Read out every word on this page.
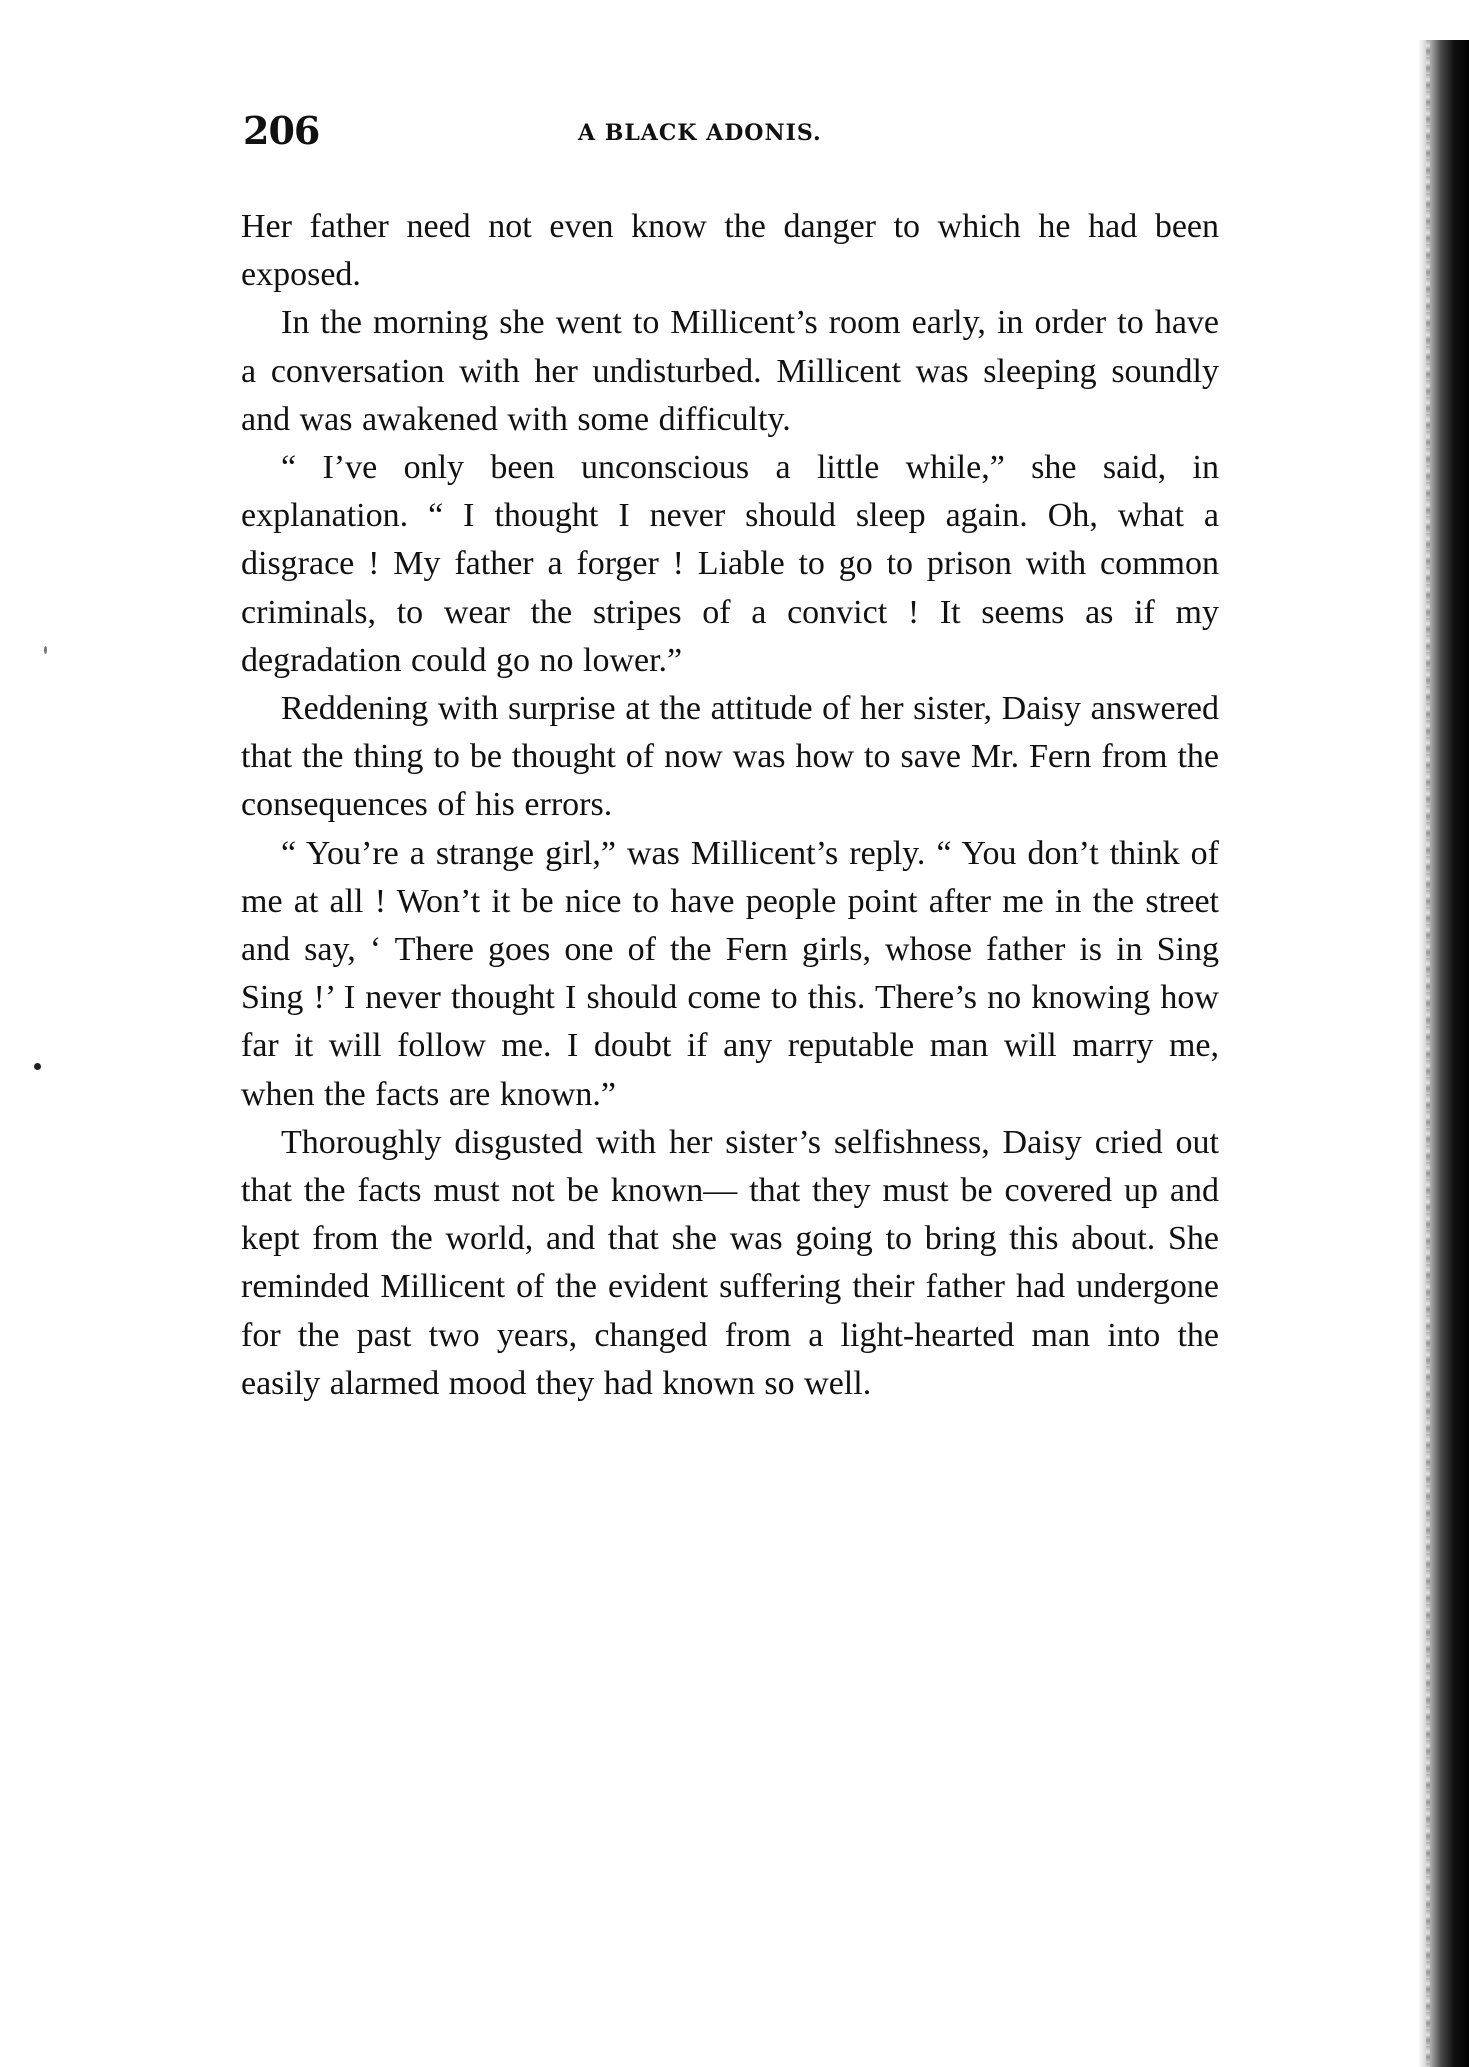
206	A BLACK ADONIS.

Her father need not even know the danger to which he had been exposed.

In the morning she went to Millicent’s room early, in order to have a conversation with her undisturbed. Millicent was sleeping soundly and was awakened with some difficulty.

“ I’ve only been unconscious a little while,” she said, in explanation. “ I thought I never should sleep again. Oh, what a disgrace ! My father a forger ! Liable to go to prison with common criminals, to wear the stripes of a convict ! It seems as if my degradation could go no lower.”

Reddening with surprise at the attitude of her sister, Daisy answered that the thing to be thought of now was how to save Mr. Fern from the consequences of his errors.

“ You’re a strange girl,” was Millicent’s reply. “ You don’t think of me at all ! Won’t it be nice to have people point after me in the street and say, ‘ There goes one of the Fern girls, whose father is in Sing Sing !’ I never thought I should come to this. There’s no knowing how far it will follow me. I doubt if any reputable man will marry me, when the facts are known.”

Thoroughly disgusted with her sister’s selfishness, Daisy cried out that the facts must not be known— that they must be covered up and kept from the world, and that she was going to bring this about. She reminded Millicent of the evident suffering their father had undergone for the past two years, changed from a light-hearted man into the easily alarmed mood they had known so well.
